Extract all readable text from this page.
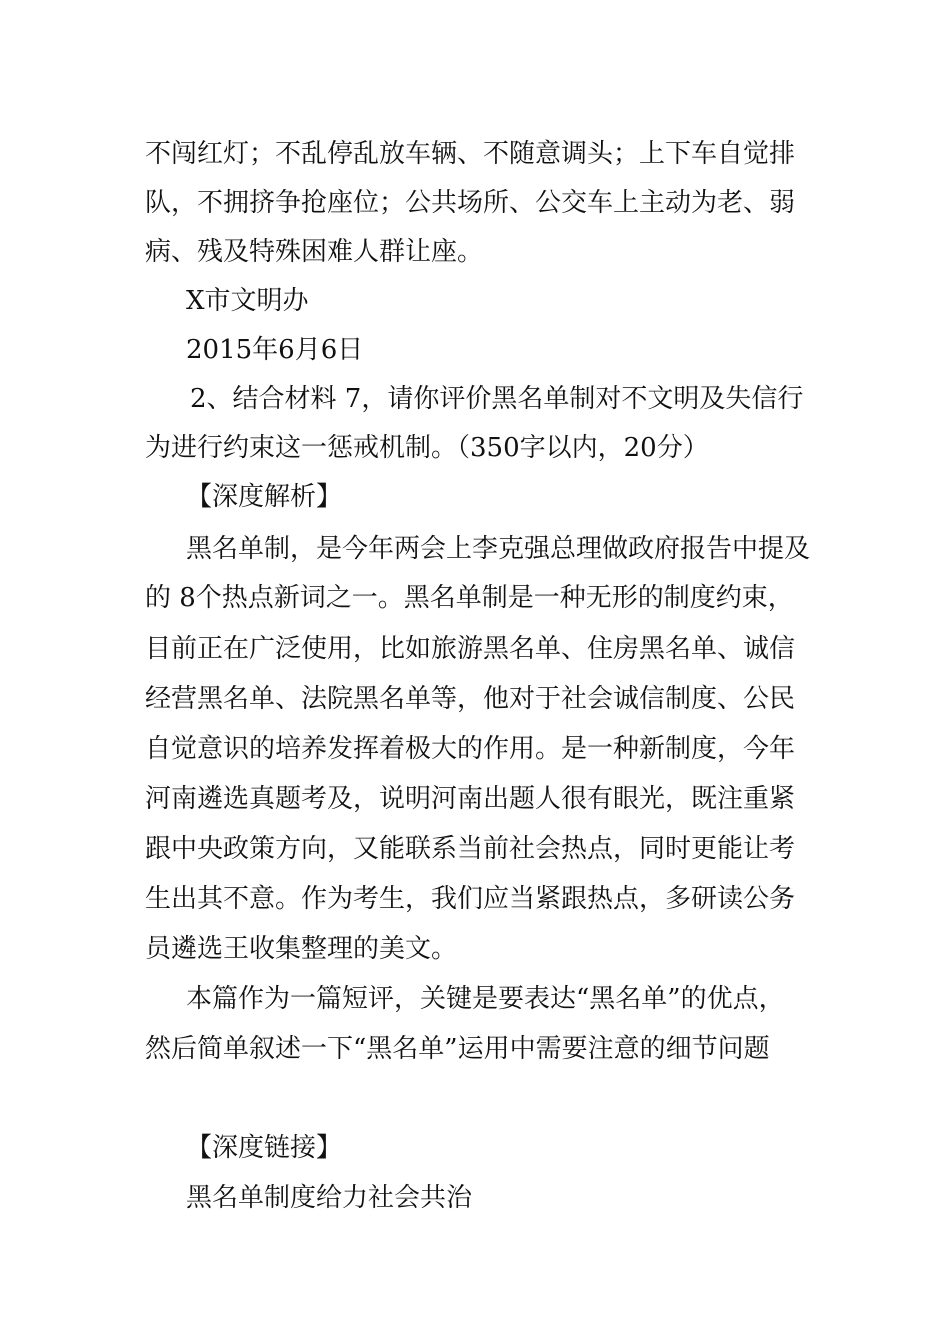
不闯红灯；不乱停乱放车辆、不随意调头；上下车自觉排
队，不拥挤争抢座位；公共场所、公交车上主动为老、弱
病、残及特殊困难人群让座。
X市文明办
2015年6月6日
2、结合材料 7，请你评价黑名单制对不文明及失信行
为进行约束这一惩戒机制。（350字以内，20分）
【深度解析】
黑名单制，是今年两会上李克强总理做政府报告中提及
的 8个热点新词之一。黑名单制是一种无形的制度约束，
目前正在广泛使用，比如旅游黑名单、住房黑名单、诚信
经营黑名单、法院黑名单等，他对于社会诚信制度、公民
自觉意识的培养发挥着极大的作用。是一种新制度，今年
河南遴选真题考及，说明河南出题人很有眼光，既注重紧
跟中央政策方向，又能联系当前社会热点，同时更能让考
生出其不意。作为考生，我们应当紧跟热点，多研读公务
员遴选王收集整理的美文。
本篇作为一篇短评，关键是要表达“黑名单”的优点，
然后简单叙述一下“黑名单”运用中需要注意的细节问题
【深度链接】
黑名单制度给力社会共治
